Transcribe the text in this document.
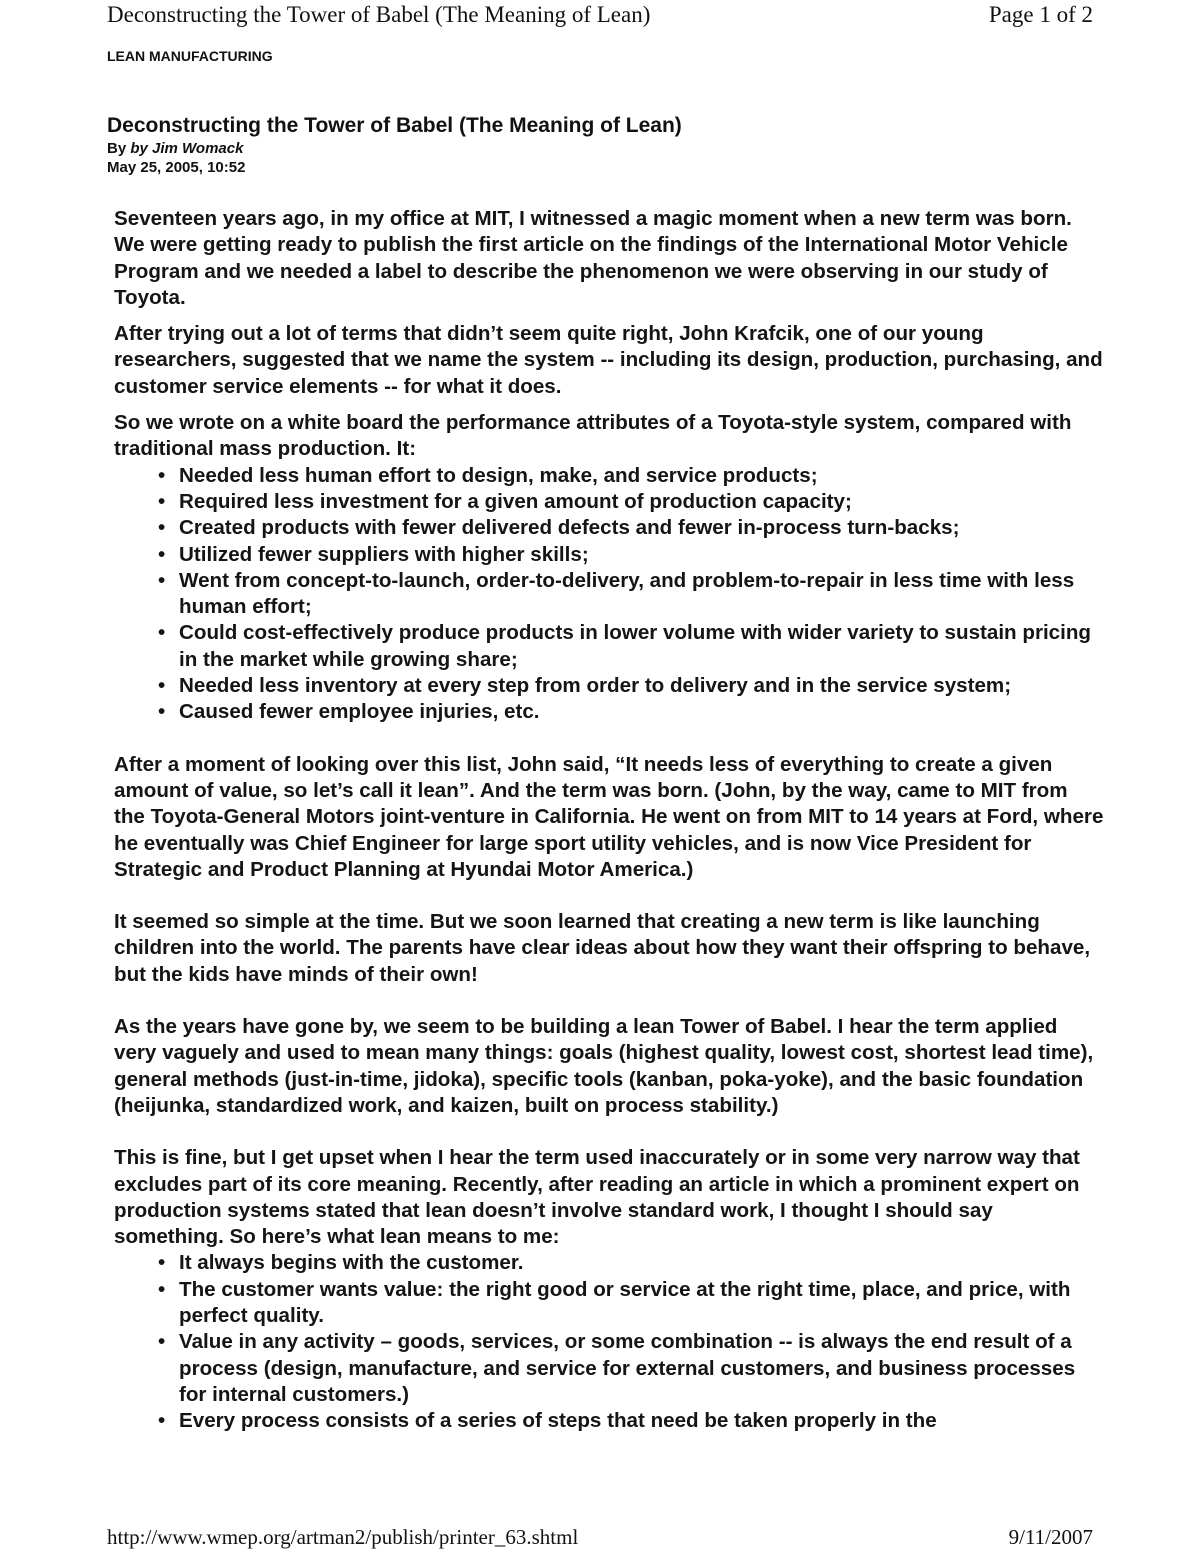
Deconstructing the Tower of Babel (The Meaning of Lean)	Page 1 of 2
LEAN MANUFACTURING
Deconstructing the Tower of Babel (The Meaning of Lean)
By by Jim Womack
May 25, 2005, 10:52

Seventeen years ago, in my office at MIT, I witnessed a magic moment when a new term was born. We were getting ready to publish the first article on the findings of the International Motor Vehicle Program and we needed a label to describe the phenomenon we were observing in our study of Toyota.

After trying out a lot of terms that didn’t seem quite right, John Krafcik, one of our young researchers, suggested that we name the system -- including its design, production, purchasing, and customer service elements -- for what it does.

So we wrote on a white board the performance attributes of a Toyota-style system, compared with traditional mass production. It:

• Needed less human effort to design, make, and service products;
• Required less investment for a given amount of production capacity;
• Created products with fewer delivered defects and fewer in-process turn-backs;
• Utilized fewer suppliers with higher skills;
• Went from concept-to-launch, order-to-delivery, and problem-to-repair in less time with less human effort;
• Could cost-effectively produce products in lower volume with wider variety to sustain pricing in the market while growing share;
• Needed less inventory at every step from order to delivery and in the service system;
• Caused fewer employee injuries, etc.

After a moment of looking over this list, John said, “It needs less of everything to create a given amount of value, so let’s call it lean”. And the term was born. (John, by the way, came to MIT from the Toyota-General Motors joint-venture in California. He went on from MIT to 14 years at Ford, where he eventually was Chief Engineer for large sport utility vehicles, and is now Vice President for Strategic and Product Planning at Hyundai Motor America.)

It seemed so simple at the time. But we soon learned that creating a new term is like launching children into the world. The parents have clear ideas about how they want their offspring to behave, but the kids have minds of their own!

As the years have gone by, we seem to be building a lean Tower of Babel. I hear the term applied very vaguely and used to mean many things: goals (highest quality, lowest cost, shortest lead time), general methods (just-in-time, jidoka), specific tools (kanban, poka-yoke), and the basic foundation (heijunka, standardized work, and kaizen, built on process stability.)

This is fine, but I get upset when I hear the term used inaccurately or in some very narrow way that excludes part of its core meaning. Recently, after reading an article in which a prominent expert on production systems stated that lean doesn’t involve standard work, I thought I should say something. So here’s what lean means to me:

• It always begins with the customer.
• The customer wants value: the right good or service at the right time, place, and price, with perfect quality.
• Value in any activity – goods, services, or some combination -- is always the end result of a process (design, manufacture, and service for external customers, and business processes for internal customers.)
• Every process consists of a series of steps that need be taken properly in the
http://www.wmep.org/artman2/publish/printer_63.shtml	9/11/2007
